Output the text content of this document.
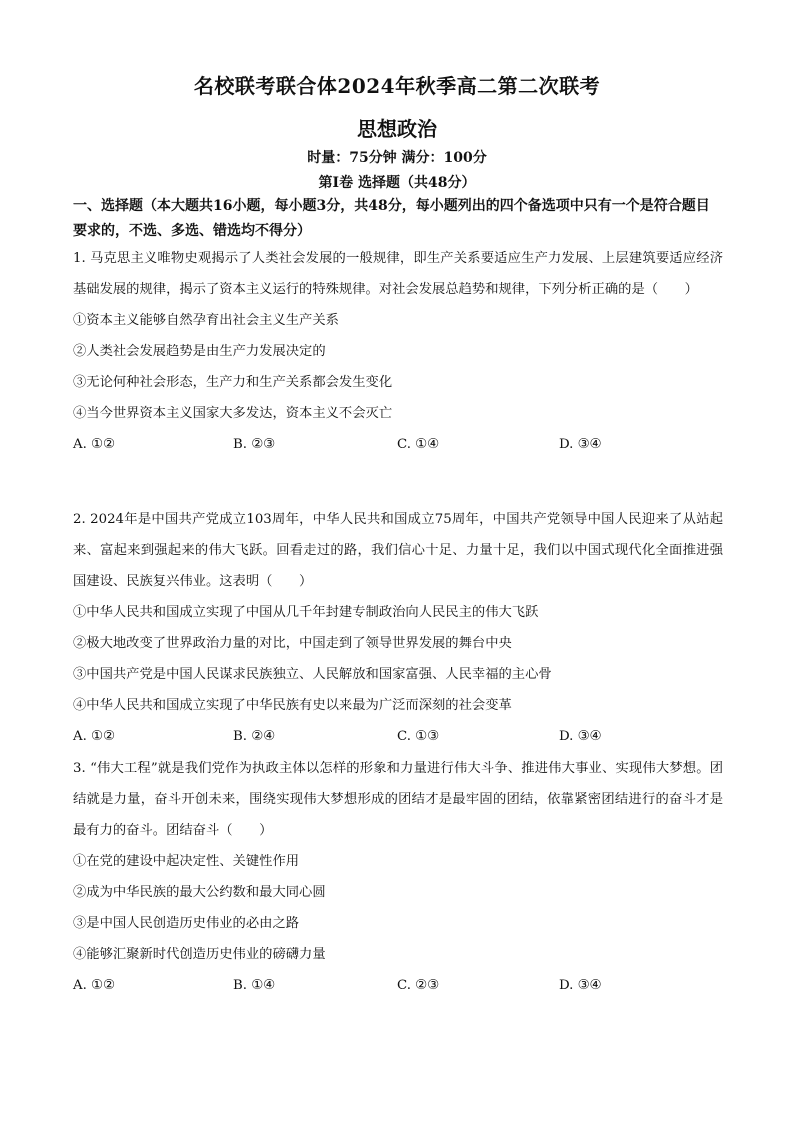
名校联考联合体2024年秋季高二第二次联考
思想政治
时量：75分钟 满分：100分
第Ⅰ卷 选择题（共48分）
一、选择题（本大题共16小题，每小题3分，共48分，每小题列出的四个备选项中只有一个是符合题目要求的，不选、多选、错选均不得分）

1. 马克思主义唯物史观揭示了人类社会发展的一般规律，即生产关系要适应生产力发展、上层建筑要适应经济基础发展的规律，揭示了资本主义运行的特殊规律。对社会发展总趋势和规律，下列分析正确的是（　　）

①资本主义能够自然孕育出社会主义生产关系

②人类社会发展趋势是由生产力发展决定的

③无论何种社会形态，生产力和生产关系都会发生变化

④当今世界资本主义国家大多发达，资本主义不会灭亡

A. ①②	B. ②③	C. ①④	D. ③④

2. 2024年是中国共产党成立103周年，中华人民共和国成立75周年，中国共产党领导中国人民迎来了从站起来、富起来到强起来的伟大飞跃。回看走过的路，我们信心十足、力量十足，我们以中国式现代化全面推进强国建设、民族复兴伟业。这表明（　　）

①中华人民共和国成立实现了中国从几千年封建专制政治向人民民主的伟大飞跃

②极大地改变了世界政治力量的对比，中国走到了领导世界发展的舞台中央

③中国共产党是中国人民谋求民族独立、人民解放和国家富强、人民幸福的主心骨

④中华人民共和国成立实现了中华民族有史以来最为广泛而深刻的社会变革

A. ①②	B. ②④	C. ①③	D. ③④

3. “伟大工程”就是我们党作为执政主体以怎样的形象和力量进行伟大斗争、推进伟大事业、实现伟大梦想。团结就是力量，奋斗开创未来，围绕实现伟大梦想形成的团结才是最牢固的团结，依靠紧密团结进行的奋斗才是最有力的奋斗。团结奋斗（　　）

①在党的建设中起决定性、关键性作用

②成为中华民族的最大公约数和最大同心圆

③是中国人民创造历史伟业的必由之路

④能够汇聚新时代创造历史伟业的磅礴力量

A. ①②	B. ①④	C. ②③	D. ③④
